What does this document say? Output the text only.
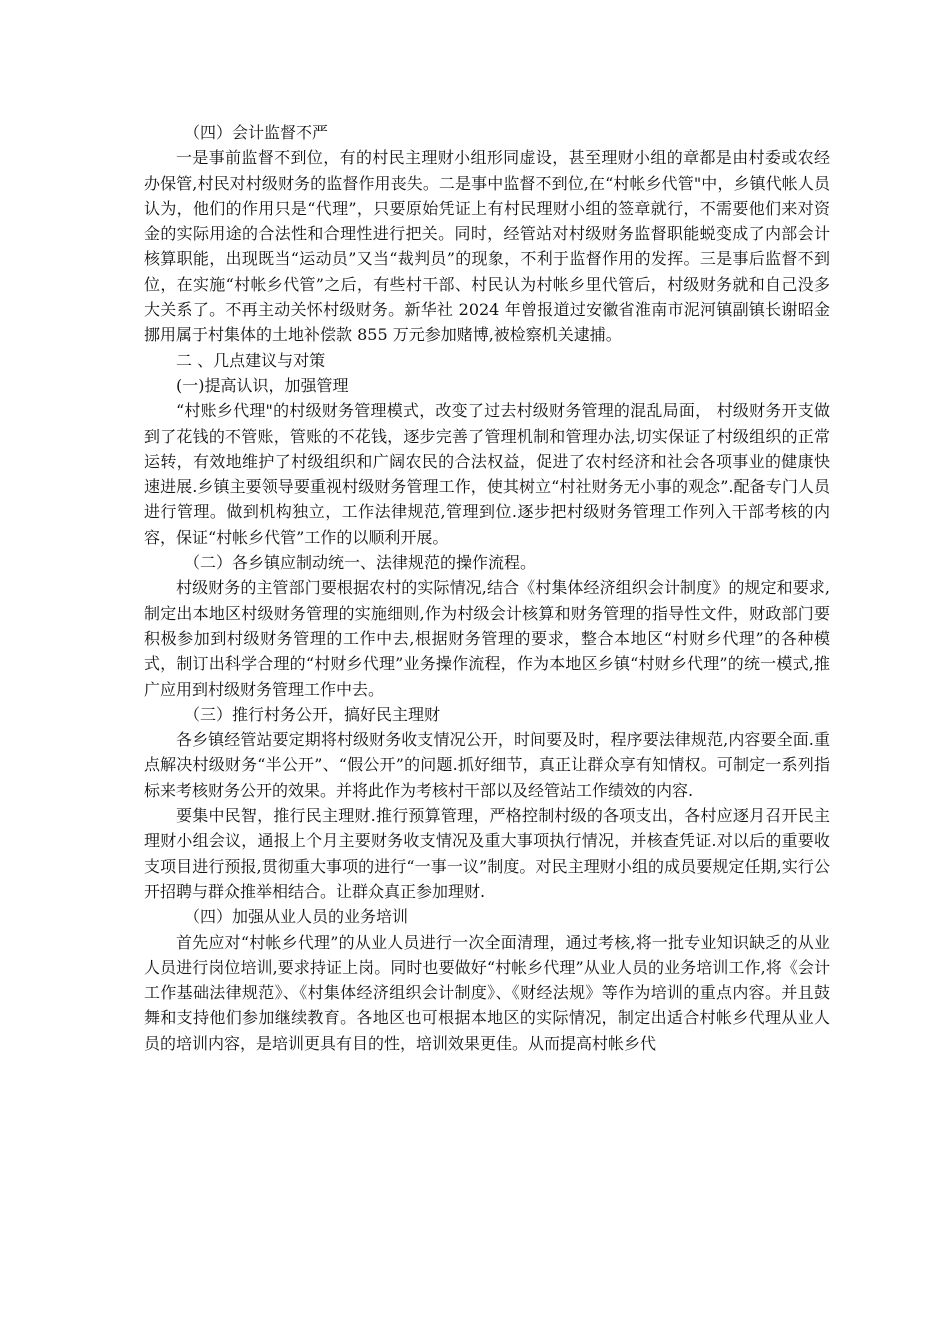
（四）会计监督不严

一是事前监督不到位，有的村民主理财小组形同虚设，甚至理财小组的章都是由村委或农经办保管,村民对村级财务的监督作用丧失。二是事中监督不到位,在“村帐乡代管"中，乡镇代帐人员认为，他们的作用只是“代理”，只要原始凭证上有村民理财小组的签章就行，不需要他们来对资金的实际用途的合法性和合理性进行把关。同时，经管站对村级财务监督职能蜕变成了内部会计核算职能，出现既当“运动员”又当“裁判员”的现象，不利于监督作用的发挥。三是事后监督不到位，在实施“村帐乡代管”之后，有些村干部、村民认为村帐乡里代管后，村级财务就和自己没多大关系了。不再主动关怀村级财务。新华社 2024 年曾报道过安徽省淮南市泥河镇副镇长谢昭金挪用属于村集体的土地补偿款 855 万元参加赌博,被检察机关逮捕。

二 、几点建议与对策

(一)提高认识，加强管理

“村账乡代理"的村级财务管理模式，改变了过去村级财务管理的混乱局面， 村级财务开支做到了花钱的不管账，管账的不花钱，逐步完善了管理机制和管理办法,切实保证了村级组织的正常运转，有效地维护了村级组织和广阔农民的合法权益，促进了农村经济和社会各项事业的健康快速进展.乡镇主要领导要重视村级财务管理工作，使其树立“村社财务无小事的观念”.配备专门人员进行管理。做到机构独立，工作法律规范,管理到位.逐步把村级财务管理工作列入干部考核的内容，保证“村帐乡代管”工作的以顺利开展。

（二）各乡镇应制动统一、法律规范的操作流程。

村级财务的主管部门要根据农村的实际情况,结合《村集体经济组织会计制度》的规定和要求,制定出本地区村级财务管理的实施细则,作为村级会计核算和财务管理的指导性文件，财政部门要积极参加到村级财务管理的工作中去,根据财务管理的要求，整合本地区“村财乡代理”的各种模式，制订出科学合理的“村财乡代理”业务操作流程，作为本地区乡镇“村财乡代理”的统一模式,推广应用到村级财务管理工作中去。

（三）推行村务公开，搞好民主理财

各乡镇经管站要定期将村级财务收支情况公开，时间要及时，程序要法律规范,内容要全面.重点解决村级财务“半公开”、“假公开”的问题.抓好细节，真正让群众享有知情权。可制定一系列指标来考核财务公开的效果。并将此作为考核村干部以及经管站工作绩效的内容.

要集中民智，推行民主理财.推行预算管理，严格控制村级的各项支出，各村应逐月召开民主理财小组会议，通报上个月主要财务收支情况及重大事项执行情况，并核查凭证.对以后的重要收支项目进行预报,贯彻重大事项的进行“一事一议”制度。对民主理财小组的成员要规定任期,实行公开招聘与群众推举相结合。让群众真正参加理财.

（四）加强从业人员的业务培训

首先应对“村帐乡代理”的从业人员进行一次全面清理，通过考核,将一批专业知识缺乏的从业人员进行岗位培训,要求持证上岗。同时也要做好“村帐乡代理”从业人员的业务培训工作,将《会计工作基础法律规范》、《村集体经济组织会计制度》、《财经法规》等作为培训的重点内容。并且鼓舞和支持他们参加继续教育。各地区也可根据本地区的实际情况，制定出适合村帐乡代理从业人员的培训内容，是培训更具有目的性，培训效果更佳。从而提高村帐乡代
